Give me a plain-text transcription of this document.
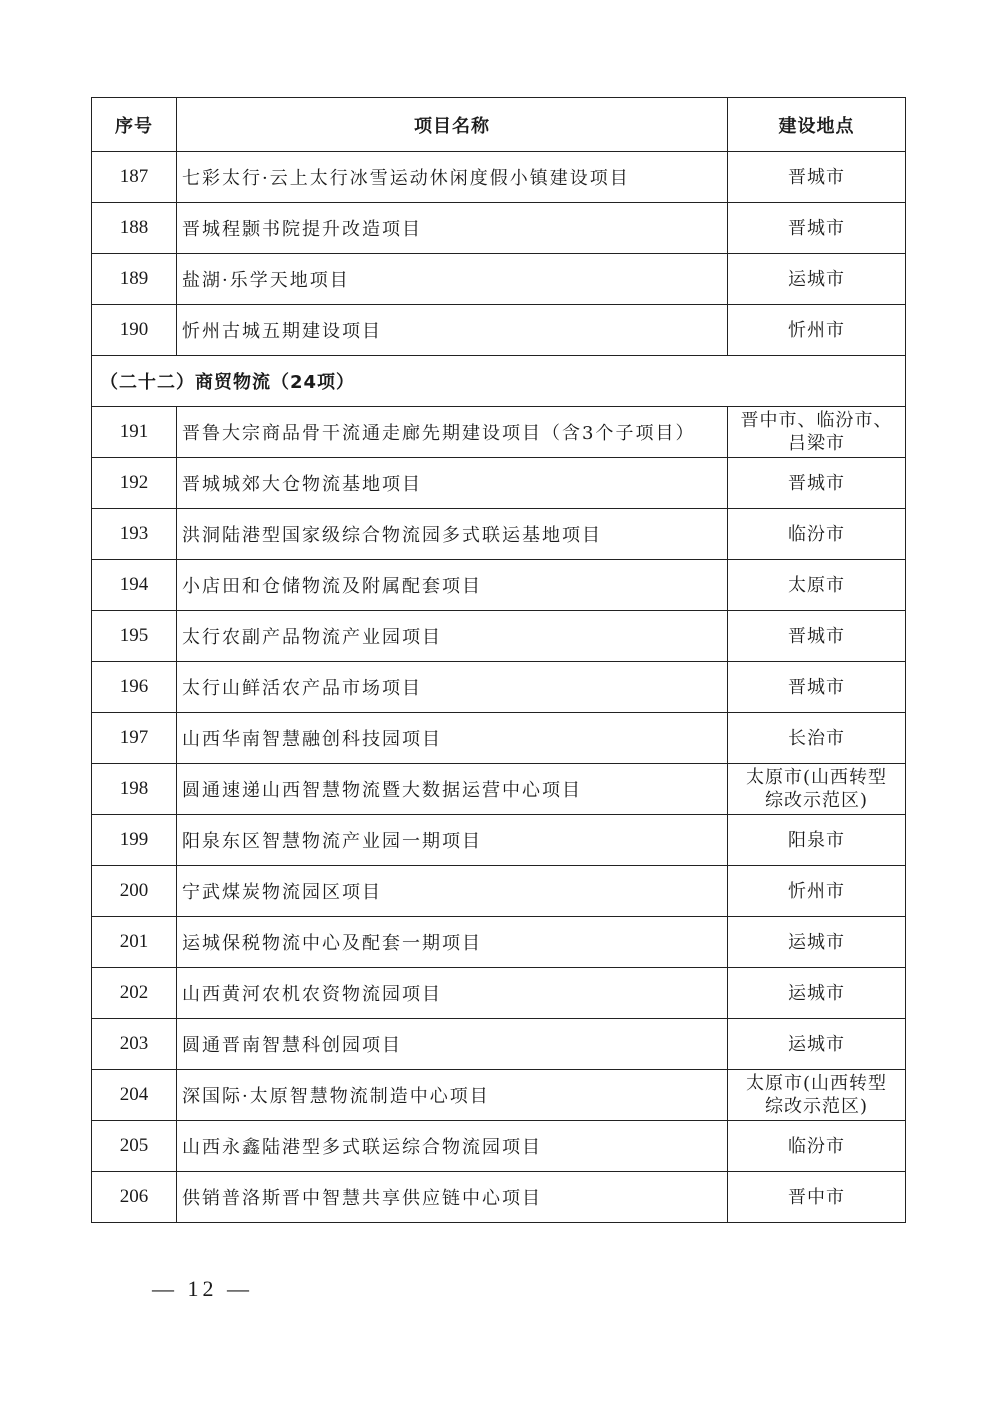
序号	项目名称	建设地点
187	七彩太行·云上太行冰雪运动休闲度假小镇建设项目	晋城市
188	晋城程颢书院提升改造项目	晋城市
189	盐湖·乐学天地项目	运城市
190	忻州古城五期建设项目	忻州市
（二十二）商贸物流（24项）		
191	晋鲁大宗商品骨干流通走廊先期建设项目（含3个子项目）	晋中市、临汾市、
吕梁市

192	晋城城郊大仓物流基地项目	晋城市

193	洪洞陆港型国家级综合物流园多式联运基地项目	临汾市

194	小店田和仓储物流及附属配套项目	太原市

195	太行农副产品物流产业园项目	晋城市

196	太行山鲜活农产品市场项目	晋城市

197	山西华南智慧融创科技园项目	长治市

198	圆通速递山西智慧物流暨大数据运营中心项目	太原市(山西转型
综改示范区)

199	阳泉东区智慧物流产业园一期项目	阳泉市

200	宁武煤炭物流园区项目	忻州市

201	运城保税物流中心及配套一期项目	运城市

202	山西黄河农机农资物流园项目	运城市

203	圆通晋南智慧科创园项目	运城市

204	深国际·太原智慧物流制造中心项目	太原市(山西转型
综改示范区)

205	山西永鑫陆港型多式联运综合物流园项目	临汾市

206	供销普洛斯晋中智慧共享供应链中心项目	晋中市
— 12 —
